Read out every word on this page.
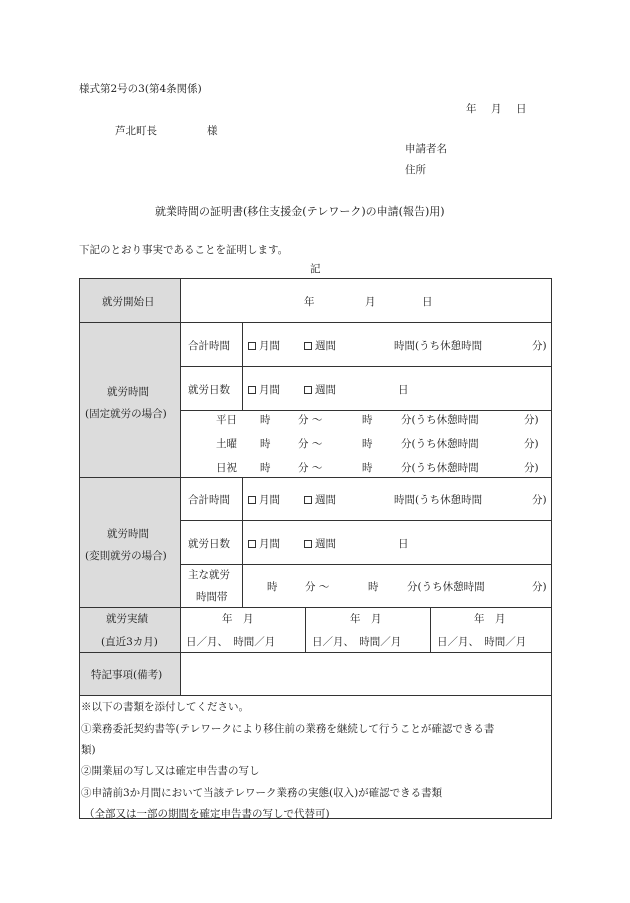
様式第2号の3(第4条関係)
年　月　日
芦北町長	様
申請者名
住所
就業時間の証明書(移住支援金(テレワーク)の申請(報告)用)
下記のとおり事実であることを証明します。
記
就労開始日	年	月	日
就労時間
(固定就労の場合)
合計時間	月間	週間	時間(うち休憩時間	分)
就労日数	月間	週間	日
平日 時	分 ～	時	分(うち休憩時間	分)
土曜 時	分 ～	時	分(うち休憩時間	分)
日祝 時	分 ～	時	分(うち休憩時間	分)
就労時間
(変則就労の場合)
合計時間	月間	週間	時間(うち休憩時間	分)
就労日数	月間	週間	日
主な就労
時間帯
時	分 ～	時	分(うち休憩時間	分)
就労実績
(直近3カ月)
年　月
日／月、　時間／月
年　月
日／月、　時間／月
年　月
日／月、　時間／月
特記事項(備考)
※以下の書類を添付してください。
①業務委託契約書等(テレワークにより移住前の業務を継続して行うことが確認できる書
類)
②開業届の写し又は確定申告書の写し
③申請前3か月間において当該テレワーク業務の実態(収入)が確認できる書類
（全部又は一部の期間を確定申告書の写しで代替可)
